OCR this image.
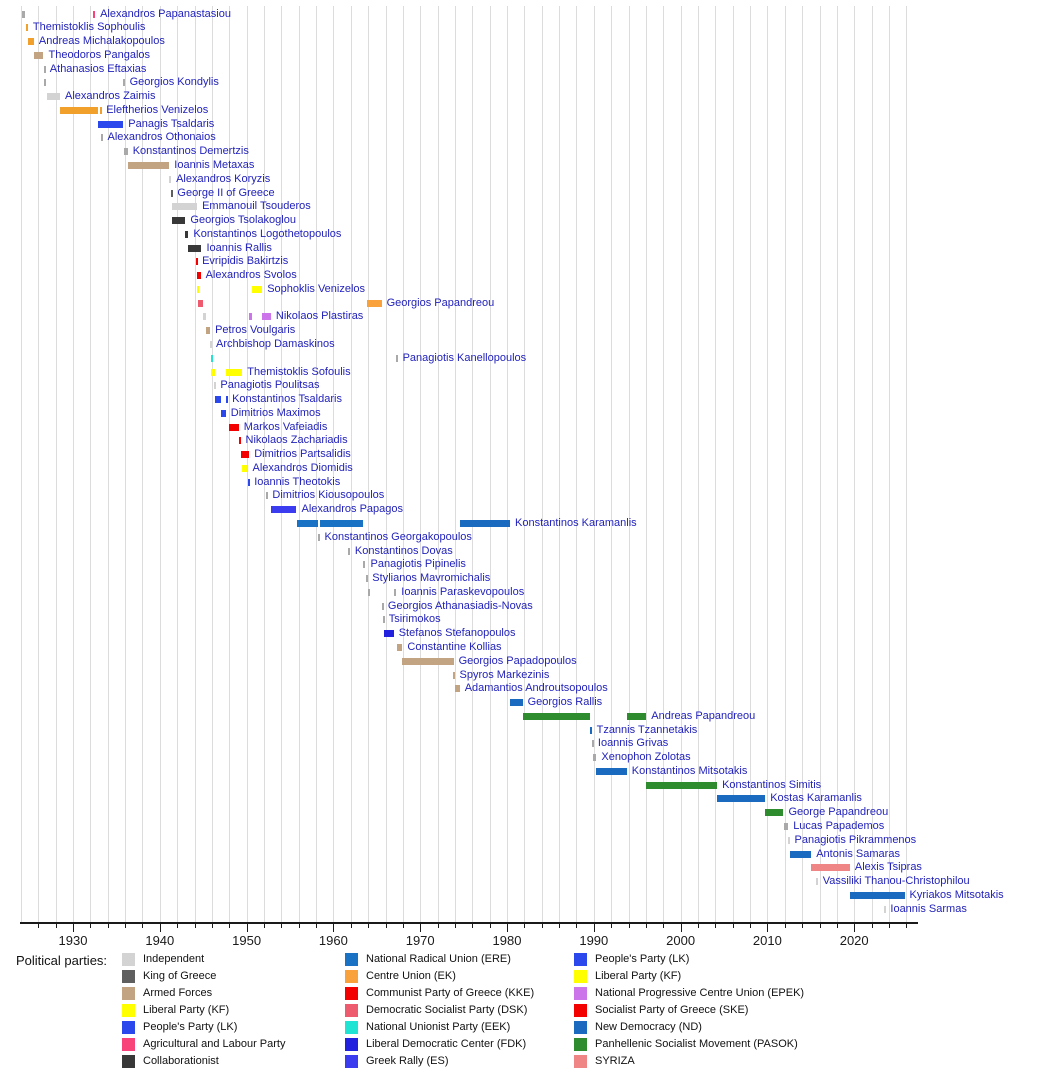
Political parties:
Alexandros Papanastasiou
Themistoklis Sophoulis
Andreas Michalakopoulos
Theodoros Pangalos
Athanasios Eftaxias
Georgios Kondylis
Alexandros Zaimis
Eleftherios Venizelos
Panagis Tsaldaris
Alexandros Othonaios
Konstantinos Demertzis
Ioannis Metaxas
Alexandros Koryzis
George II of Greece
Emmanouil Tsouderos
Georgios Tsolakoglou
Konstantinos Logothetopoulos
Ioannis Rallis
Evripidis Bakirtzis
Alexandros Svolos
Sophoklis Venizelos
Georgios Papandreou
Nikolaos Plastiras
Petros Voulgaris
Archbishop Damaskinos
Panagiotis Kanellopoulos
Themistoklis Sofoulis
Panagiotis Poulitsas
Konstantinos Tsaldaris
Dimitrios Maximos
Markos Vafeiadis
Nikolaos Zachariadis
Dimitrios Partsalidis
Alexandros Diomidis
Ioannis Theotokis
Dimitrios Kiousopoulos
Alexandros Papagos
Konstantinos Karamanlis
Konstantinos Georgakopoulos
Konstantinos Dovas
Panagiotis Pipinelis
Stylianos Mavromichalis
Ioannis Paraskevopoulos
Georgios Athanasiadis-Novas
Tsirimokos
Stefanos Stefanopoulos
Constantine Kollias
Georgios Papadopoulos
Spyros Markezinis
Adamantios Androutsopoulos
Georgios Rallis
Andreas Papandreou
Tzannis Tzannetakis
Ioannis Grivas
Xenophon Zolotas
Konstantinos Mitsotakis
Konstantinos Simitis
Kostas Karamanlis
George Papandreou
Lucas Papademos
Panagiotis Pikrammenos
Antonis Samaras
Alexis Tsipras
Vassiliki Thanou-Christophilou
Kyriakos Mitsotakis
Ioannis Sarmas
1930	1940	1950	1960	1970	1980	1990	2000	2010	2020
Independent
King of Greece
Armed Forces
Liberal Party (KF)
People's Party (LK)
Agricultural and Labour Party
Collaborationist
National Radical Union (ERE)
Centre Union (EK)
Communist Party of Greece (KKE)
Democratic Socialist Party (DSK)
National Unionist Party (EEK)
Liberal Democratic Center (FDK)
Greek Rally (ES)
People's Party (LK)
Liberal Party (KF)
National Progressive Centre Union (EPEK)
Socialist Party of Greece (SKE)
New Democracy (ND)
Panhellenic Socialist Movement (PASOK)
SYRIZA
